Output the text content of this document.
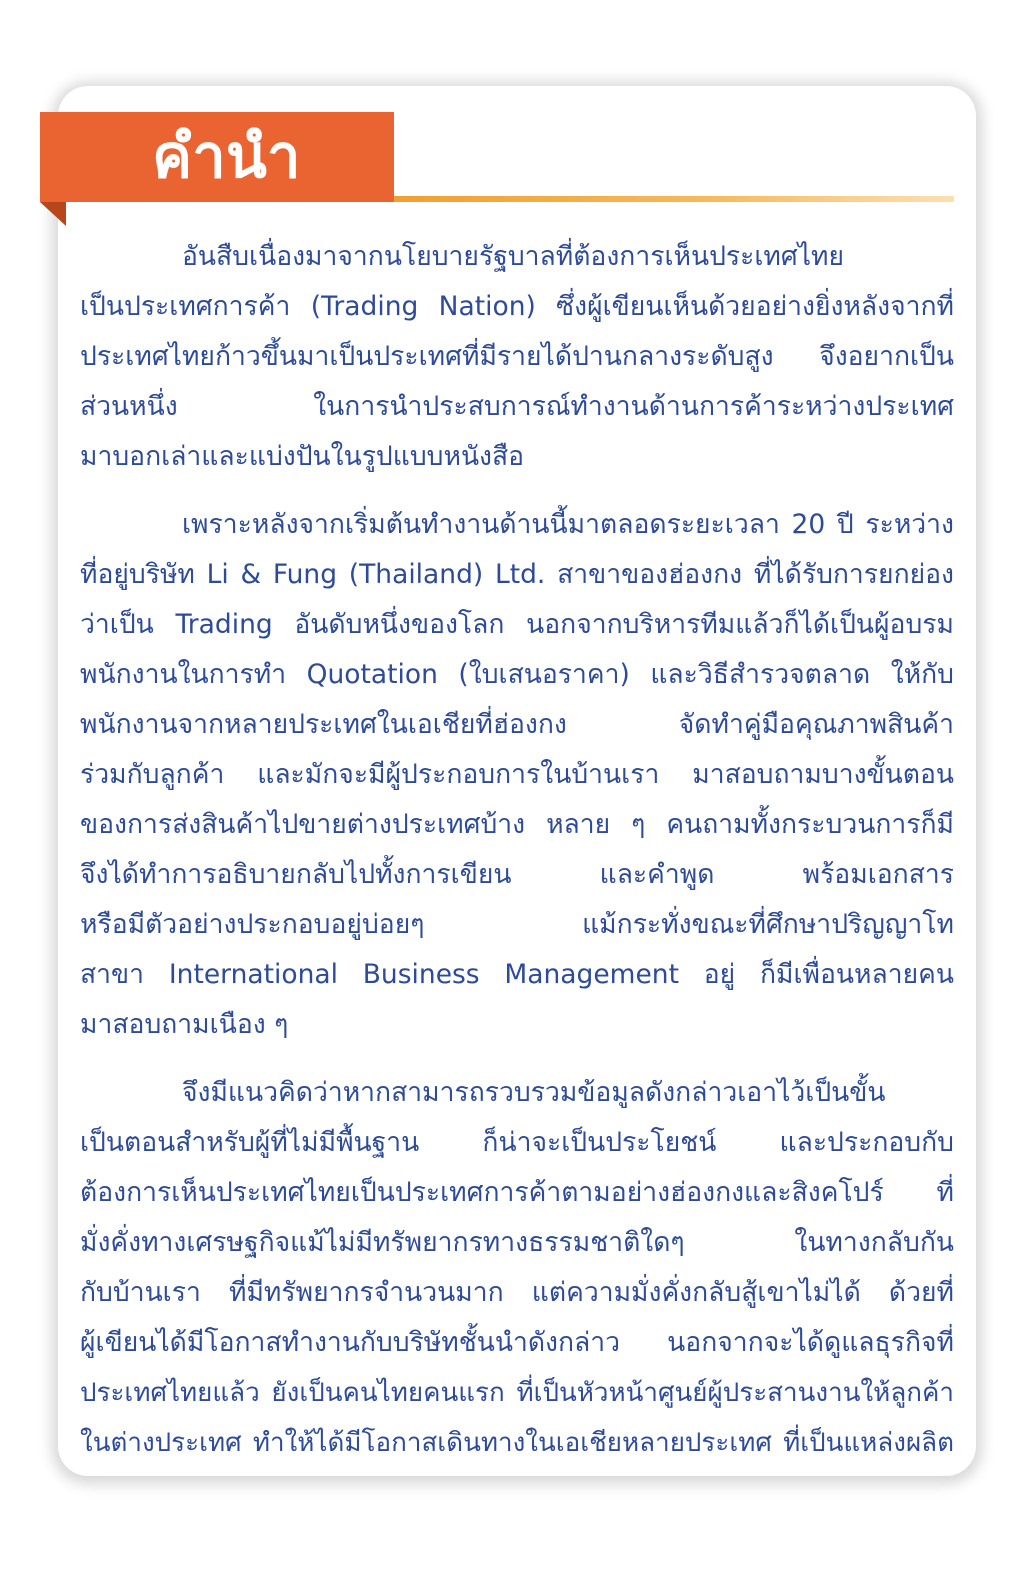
คำนำ
อันสืบเนื่องมาจากนโยบายรัฐบาลที่ต้องการเห็นประเทศไทย
เป็นประเทศการค้า (Trading Nation) ซึ่งผู้เขียนเห็นด้วยอย่างยิ่งหลังจากที่
ประเทศไทยก้าวขึ้นมาเป็นประเทศที่มีรายได้ปานกลางระดับสูง จึงอยากเป็น
ส่วนหนึ่ง ในการนำประสบการณ์ทำงานด้านการค้าระหว่างประเทศ
มาบอกเล่าและแบ่งปันในรูปแบบหนังสือ
เพราะหลังจากเริ่มต้นทำงานด้านนี้มาตลอดระยะเวลา 20 ปี ระหว่าง
ที่อยู่บริษัท Li & Fung (Thailand) Ltd. สาขาของฮ่องกง ที่ได้รับการยกย่อง
ว่าเป็น Trading อันดับหนึ่งของโลก นอกจากบริหารทีมแล้วก็ได้เป็นผู้อบรม
พนักงานในการทำ Quotation (ใบเสนอราคา) และวิธีสำรวจตลาด ให้กับ
พนักงานจากหลายประเทศในเอเชียที่ฮ่องกง จัดทำคู่มือคุณภาพสินค้า
ร่วมกับลูกค้า และมักจะมีผู้ประกอบการในบ้านเรา มาสอบถามบางขั้นตอน
ของการส่งสินค้าไปขายต่างประเทศบ้าง หลาย ๆ คนถามทั้งกระบวนการก็มี
จึงได้ทำการอธิบายกลับไปทั้งการเขียน และคำพูด พร้อมเอกสาร
หรือมีตัวอย่างประกอบอยู่บ่อยๆ แม้กระทั่งขณะที่ศึกษาปริญญาโท
สาขา International Business Management อยู่ ก็มีเพื่อนหลายคน
มาสอบถามเนือง ๆ
จึงมีแนวคิดว่าหากสามารถรวบรวมข้อมูลดังกล่าวเอาไว้เป็นขั้น
เป็นตอนสำหรับผู้ที่ไม่มีพื้นฐาน ก็น่าจะเป็นประโยชน์ และประกอบกับ
ต้องการเห็นประเทศไทยเป็นประเทศการค้าตามอย่างฮ่องกงและสิงคโปร์ ที่
มั่งคั่งทางเศรษฐกิจแม้ไม่มีทรัพยากรทางธรรมชาติใดๆ ในทางกลับกัน
กับบ้านเรา ที่มีทรัพยากรจำนวนมาก แต่ความมั่งคั่งกลับสู้เขาไม่ได้ ด้วยที่
ผู้เขียนได้มีโอกาสทำงานกับบริษัทชั้นนำดังกล่าว นอกจากจะได้ดูแลธุรกิจที่
ประเทศไทยแล้ว ยังเป็นคนไทยคนแรก ที่เป็นหัวหน้าศูนย์ผู้ประสานงานให้ลูกค้า
ในต่างประเทศ ทำให้ได้มีโอกาสเดินทางในเอเชียหลายประเทศ ที่เป็นแหล่งผลิต
